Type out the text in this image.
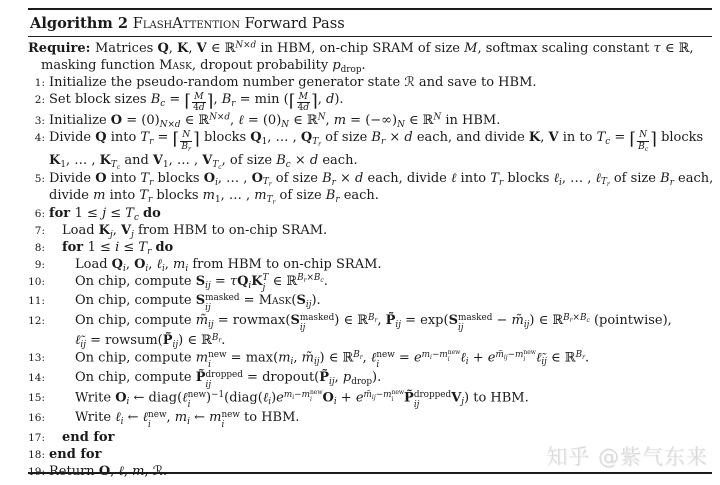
Algorithm 2 FlashAttention Forward Pass
Require: Matrices Q, K, V ∈ ℝ$^{N\times d}$ in HBM, on-chip SRAM of size M, softmax scaling constant τ ∈ ℝ,
masking function Mask, dropout probability $p_{drop}$.
1: Initialize the pseudo-random number generator state ℛ and save to HBM.
2: Set block sizes $B_c$ = ⌈ $\frac{M}{4d}$ ⌉, $B_r = \min$ (⌈ $\frac{M}{4d}$ ⌉, d).
3: Initialize $O = (0)_{N\times d}$ ∈ ℝ$^{N\times d}$, ℓ = $(0)_N$ ∈ ℝ$^N$, $m = (-\infty)_N$ ∈ ℝ$^N$ in HBM.
4: Divide Q into $T_r$ = ⌈ $\frac{N}{B_r}$ ⌉ blocks $Q_1$, … , $Q_{T_r}$ of size $B_r \times d$ each, and divide K, V in to $T_c$ = ⌈ $\frac{N}{B_c}$ ⌉ blocks
$K_1$, … , $K_{T_c}$ and $V_1$, … , $V_{T_c}$, of size $B_c \times d$ each.
5: Divide O into $T_r$ blocks $O_i$, … , $O_{T_r}$ of size $B_r \times d$ each, divide ℓ into $T_r$ blocks ℓ$_i$, … , ℓ$_{T_r}$ of size $B_r$ each,
divide m into $T_r$ blocks $m_1$, … , $m_{T_r}$ of size $B_r$ each.
6: for $1 \le j \le T_c$ do
7:	Load $K_j$, $V_j$ from HBM to on-chip SRAM.
8:	for $1 \le i \le T_r$ do
9:	Load $Q_i$, $O_i$, ℓ$_i$, $m_i$ from HBM to on-chip SRAM.
10:	On chip, compute $S_{ij} = \tau Q_iK$ T
j ∈ ℝ$^{B_r\times B_c}$.
11:	On chip, compute S masked
ij = $Mask(S_{ij})$.
12:	On chip, compute $m̃_{ij} = rowmax(S$ masked
ij ) ∈ ℝ$^{B_r}$, $P̃_{ij} = \exp(S$ masked
ij − $m̃_{ij}$) ∈ ℝ$^{B_r\times B_c}$ (pointwise),
$\ell̃_{ij}$ = $rowsum(P̃_{ij})$ ∈ ℝ$^{B_r}$.
13:	On chip, compute m new
$i = \max(m_i$, $m̃_{ij}$) ∈ ℝ$^{B_r}$, ℓ new
$i = e^{m_i-m new i}$ ℓ$_i$ + $e^{m̃_{ij}-m new i}$ $\ell̃_{ij}$ ∈ ℝ$^{B_r}$.
14:	On chip, compute P̃ dropped
ij = $dropout(P̃_{ij}$, $p_{drop}$).
15:	Write $O_i$ ← diag(ℓ new
i )$^{-1}(diag(\ell_i)e^{m_i-m new i}$ $O_i + e^{m̃_{ij}-m new i}$ P̃ dropped
ij $V_j$) to HBM.
16:	Write ℓ$_i$ ← ℓ new
i , $m_i$ ← m new
i to HBM.
17:	end for
18: end for	知乎 @紫气东来
